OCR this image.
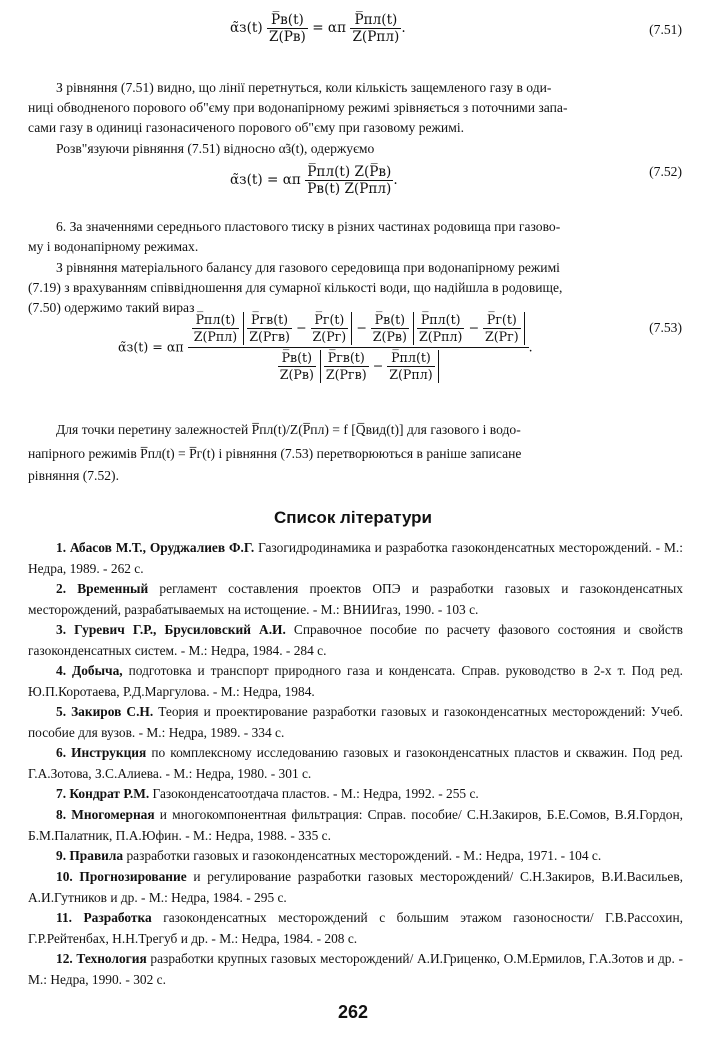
α̃з(t) $\frac{P̅в(t)}{Z(P̅в)} = \alpha п \frac{P̅пл(t)}{Z(P̅пл)}$ .	(7.51)
З рівняння (7.51) видно, що лінії перетнуться, коли кількість защемленого газу в оди-
ниці обводненого порового об"єму при водонапірному режимі зрівняється з поточними запа-
сами газу в одиниці газонасиченого порового об"єму при газовому режимі.
Розв"язуючи рівняння (7.51) відносно α̃з(t), одержуємо
α̃з(t) = αп $\frac{P̅пл(t) Z(P̅в)}{P̅в(t) Z(P̅пл)}$ .
(7.52)
6. За значеннями середнього пластового тиску в різних частинах родовища при газово-
му і водонапірному режимах.
З рівняння матеріального балансу для газового середовища при водонапірному режимі
(7.19) з врахуванням співвідношення для сумарної кількості води, що надійшла в родовище,
(7.50) одержимо такий вираз
α̃з(t) = αп
$\frac{P̅пл(t)}{Z(P̅пл)}$
$\frac{P̅гв(t)}{Z(P̅гв)} - \frac{P̅г(t)}{Z(P̅г)} - \frac{P̅в(t)}{Z(P̅в)}$
$\frac{P̅пл(t)}{Z(P̅пл)} - \frac{P̅г(t)}{Z(P̅г)}$
$\frac{P̅в(t)}{Z(P̅в)}$
$\frac{P̅гв(t)}{Z(P̅гв)} - \frac{P̅пл(t)}{Z(P̅пл)}$
.
(7.53)
Для точки перетину залежностей P̅пл(t)/Z(P̅пл) = f [Q̅вид(t)] для газового і водо-
напірного режимів P̅пл(t) = P̅г(t) і рівняння (7.53) перетворюються в раніше записане
рівняння (7.52).
Список літератури
1. Абасов М.Т., Оруджалиев Ф.Г. Газогидродинамика и разработка газоконденсатных месторождений. - М.: Недра, 1989. - 262 с.
2. Временный регламент составления проектов ОПЭ и разработки газовых и газоконденсатных месторождений, разрабатываемых на истощение. - М.: ВНИИгаз, 1990. - 103 с.
3. Гуревич Г.Р., Брусиловский А.И. Справочное пособие по расчету фазового состояния и свойств газоконденсатных систем. - М.: Недра, 1984. - 284 с.
4. Добыча, подготовка и транспорт природного газа и конденсата. Справ. руководство в 2-х т. Под ред. Ю.П.Коротаева, Р.Д.Маргулова. - М.: Недра, 1984.
5. Закиров С.Н. Теория и проектирование разработки газовых и газоконденсатных месторождений: Учеб. пособие для вузов. - М.: Недра, 1989. - 334 с.
6. Инструкция по комплексному исследованию газовых и газоконденсатных пластов и скважин. Под ред. Г.А.Зотова, З.С.Алиева. - М.: Недра, 1980. - 301 с.
7. Кондрат Р.М. Газоконденсатоотдача пластов. - М.: Недра, 1992. - 255 с.
8. Многомерная и многокомпонентная фильтрация: Справ. пособие/ С.Н.Закиров, Б.Е.Сомов, В.Я.Гордон, Б.М.Палатник, П.А.Юфин. - М.: Недра, 1988. - 335 с.
9. Правила разработки газовых и газоконденсатных месторождений. - М.: Недра, 1971. - 104 с.
10. Прогнозирование и регулирование разработки газовых месторождений/ С.Н.Закиров, В.И.Васильев, А.И.Гутников и др. - М.: Недра, 1984. - 295 с.
11. Разработка газоконденсатных месторождений с большим этажом газоносности/ Г.В.Рассохин, Г.Р.Рейтенбах, Н.Н.Трегуб и др. - М.: Недра, 1984. - 208 с.
12. Технология разработки крупных газовых месторождений/ А.И.Гриценко, О.М.Ермилов, Г.А.Зотов и др. - М.: Недра, 1990. - 302 с.
262
